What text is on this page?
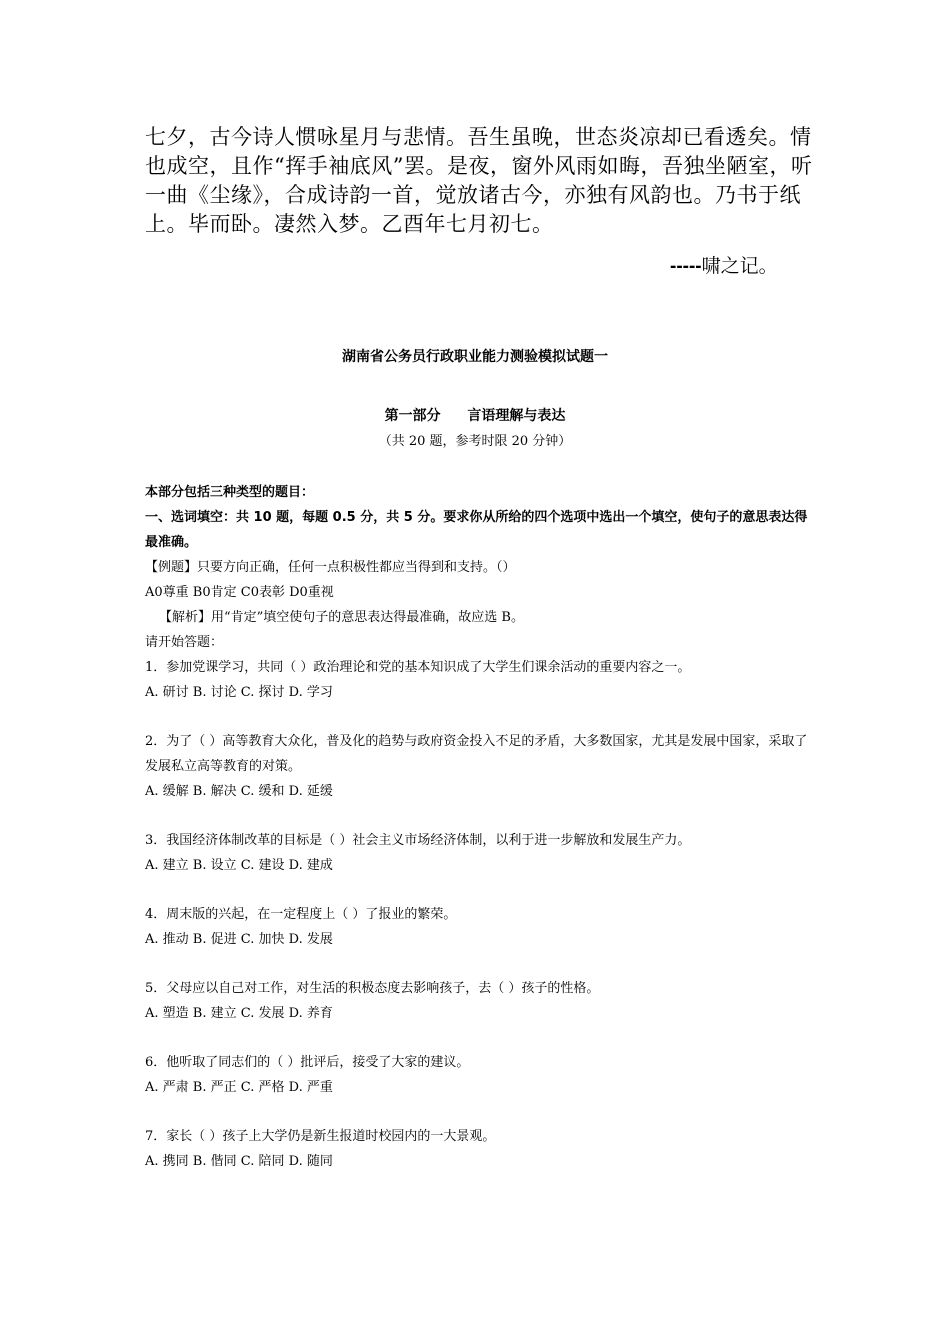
七夕，古今诗人惯咏星月与悲情。吾生虽晚，世态炎凉却已看透矣。情也成空，且作“挥手袖底风”罢。是夜，窗外风雨如晦，吾独坐陋室，听一曲《尘缘》，合成诗韵一首，觉放诸古今，亦独有风韵也。乃书于纸上。毕而卧。凄然入梦。乙酉年七月初七。

-----啸之记。

湖南省公务员行政职业能力测验模拟试题一

第一部分 言语理解与表达

（共 20 题，参考时限 20 分钟）

本部分包括三种类型的题目：

一、选词填空：共 10 题，每题 0.5 分，共 5 分。要求你从所给的四个选项中选出一个填空，使句子的意思表达得最准确。

【例题】只要方向正确，任何一点积极性都应当得到和支持。（）

A0尊重 B0肯定 C0表彰 D0重视

【解析】用“肯定”填空使句子的意思表达得最准确，故应选 B。

请开始答题：

1．参加党课学习，共同（ ）政治理论和党的基本知识成了大学生们课余活动的重要内容之一。

A. 研讨 B. 讨论 C. 探讨 D. 学习

2．为了（ ）高等教育大众化，普及化的趋势与政府资金投入不足的矛盾，大多数国家，尤其是发展中国家，采取了发展私立高等教育的对策。

A. 缓解 B. 解决 C. 缓和 D. 延缓

3．我国经济体制改革的目标是（ ）社会主义市场经济体制，以利于进一步解放和发展生产力。

A. 建立 B. 设立 C. 建设 D. 建成

4．周末版的兴起，在一定程度上（ ）了报业的繁荣。

A. 推动 B. 促进 C. 加快 D. 发展

5．父母应以自己对工作，对生活的积极态度去影响孩子，去（ ）孩子的性格。

A. 塑造 B. 建立 C. 发展 D. 养育

6．他听取了同志们的（ ）批评后，接受了大家的建议。

A. 严肃 B. 严正 C. 严格 D. 严重

7．家长（ ）孩子上大学仍是新生报道时校园内的一大景观。

A. 携同 B. 偕同 C. 陪同 D. 随同
